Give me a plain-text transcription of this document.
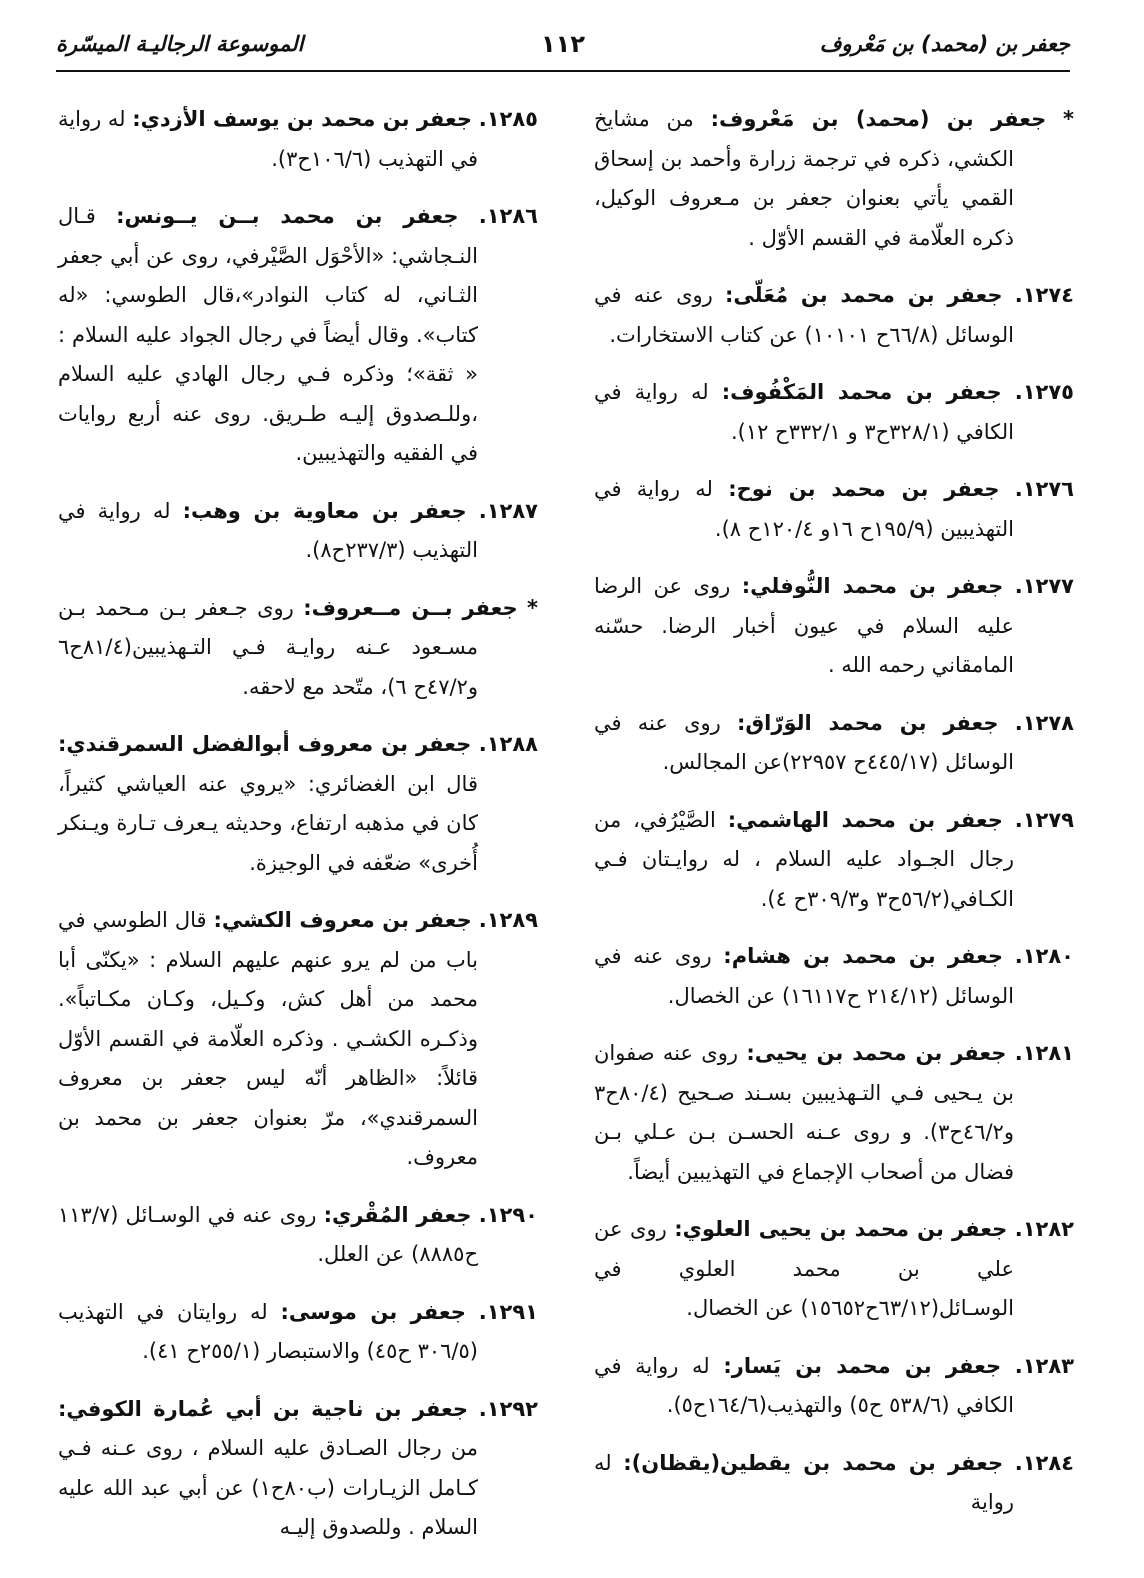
جعفر بن (محمد) بن مَعْروف
١١٢
الموسوعة الرجاليـة الميسّرة

* جعفر بن (محمد) بن مَعْروف: من مشايخ الكشي، ذكره في ترجمة زرارة وأحمد بن إسحاق القمي يأتي بعنوان جعفر بن مـعروف الوكيل، ذكره العلّامة في القسم الأوّل .

١٢٧٤. جعفر بن محمد بن مُعَلّى: روى عنه في الوسائل (٦٦/٨ح ١٠١٠١) عن كتاب الاستخارات.

١٢٧٥. جعفر بن محمد المَكْفُوف: له رواية في الكافي (٣٢٨/١ح٣ و ٣٣٢/١ح ١٢).

١٢٧٦. جعفر بن محمد بن نوح: له رواية في التهذيبين (١٩٥/٩ح ١٦و ١٢٠/٤ح ٨).

١٢٧٧. جعفر بن محمد النُّوفلي: روى عن الرضا عليه السلام في عيون أخبار الرضا. حسّنه المامقاني رحمه الله .

١٢٧٨. جعفر بن محمد الوَرّاق: روى عنه في الوسائل (٤٤٥/١٧ح ٢٢٩٥٧)عن المجالس.

١٢٧٩. جعفر بن محمد الهاشمي: الصَّيْرُفي، من رجال الجـواد عليه السلام ، له روايـتان فـي الكـافي(٥٦/٢ح٣ و٣٠٩/٣ح ٤).

١٢٨٠. جعفر بن محمد بن هشام: روى عنه في الوسائل (٢١٤/١٢ ح١٦١١٧) عن الخصال.

١٢٨١. جعفر بن محمد بن يحيى: روى عنه صفوان بن يـحيى فـي التـهذيبين بسـند صـحيح (٨٠/٤ح٣ و٤٦/٢ح٣). و روى عـنه الحسـن بـن عـلي بـن فضال من أصحاب الإجماع في التهذيبين أيضاً.

١٢٨٢. جعفر بن محمد بن يحيى العلوي: روى عن علي بن محمد العلوي في الوسـائل(٦٣/١٢ح١٥٦٥٢) عن الخصال.

١٢٨٣. جعفر بن محمد بن يَسار: له رواية في الكافي (٥٣٨/٦ ح٥) والتهذيب(١٦٤/٦ح٥).

١٢٨٤. جعفر بن محمد بن يقطين(يقظان): له رواية

١٢٨٥. جعفر بن محمد بن يوسف الأزدي: له رواية في التهذيب (١٠٦/٦ح٣).

١٢٨٦. جعفر بن محمد بــن يــونس: قـال النـجاشي: «الأحْوَل الصَّيْرفي، روى عن أبي جعفر الثـاني، له كتاب النوادر»،قال الطوسي: «له كتاب». وقال أيضاً في رجال الجواد عليه السلام : « ثقة»؛ وذكره فـي رجال الهادي عليه السلام ،وللـصدوق إليـه طـريق. روى عنه أربع روايات في الفقيه والتهذيبين.

١٢٨٧. جعفر بن معاوية بن وهب: له رواية في التهذيب (٢٣٧/٣ح٨).

* جعفر بــن مــعروف: روى جـعفر بـن مـحمد بـن مسـعود عـنه روايـة فـي التـهذيبين(٨١/٤ح٦ و٤٧/٢ح ٦)، متّحد مع لاحقه.

١٢٨٨. جعفر بن معروف أبوالفضل السمرقندي: قال ابن الغضائري: «يروي عنه العياشي كثيراً، كان في مذهبه ارتفاع، وحديثه يـعرف تـارة ويـنكر أُخرى» ضعّفه في الوجيزة.

١٢٨٩. جعفر بن معروف الكشي: قال الطوسي في باب من لم يرو عنهم عليهم السلام : «يكنّى أبا محمد من أهل كش، وكـيل، وكـان مكـاتباً». وذكـره الكشـي . وذكره العلّامة في القسم الأوّل قائلاً: «الظاهر أنّه ليس جعفر بن معروف السمرقندي»، مرّ بعنوان جعفر بن محمد بن معروف.

١٢٩٠. جعفر المُقْري: روى عنه في الوسـائل (١١٣/٧ ح٨٨٨٥) عن العلل.

١٢٩١. جعفر بن موسى: له روايتان في التهذيب (٣٠٦/٥ ح٤٥) والاستبصار (٢٥٥/١ح ٤١).

١٢٩٢. جعفر بن ناجية بن أبي عُمارة الكوفي: من رجال الصـادق عليه السلام ، روى عـنه فـي كـامل الزيـارات (ب٨٠ح١) عن أبي عبد الله عليه السلام . وللصدوق إليـه
